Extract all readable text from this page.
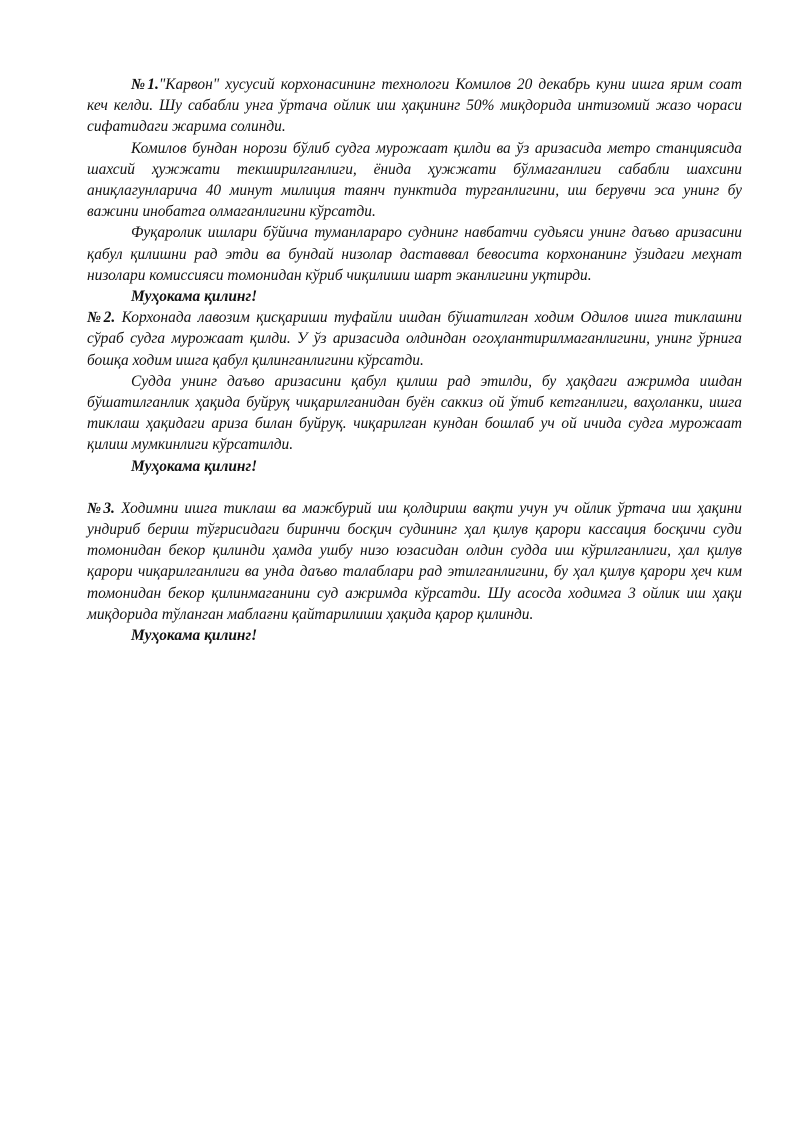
№1."Карвон" хусусий корхонасининг технологи Комилов 20 декабрь куни ишга ярим соат кеч келди. Шу сабабли унга ўртача ойлик иш ҳақининг 50% миқдорида интизомий жазо чораси сифатидаги жарима солинди.

Комилов бундан норози бўлиб судга мурожаат қилди ва ўз аризасида метро станциясида шахсий ҳужжати текширилганлиги, ёнида ҳужжати бўлмаганлиги сабабли шахсини аниқлагунларича 40 минут милиция таянч пунктида турганлигини, иш берувчи эса унинг бу важини инобатга олмаганлигини кўрсатди.

Фуқаролик ишлари бўйича туманлараро суднинг навбатчи судьяси унинг даъво аризасини қабул қилишни рад этди ва бундай низолар даставвал бевосита корхонанинг ўзидаги меҳнат низолари комиссияси томонидан кўриб чиқилиши шарт эканлигини уқтирди.

Муҳокама қилинг!

№2. Корхонада лавозим қисқариши туфайли ишдан бўшатилган ходим Одилов ишга тиклашни сўраб судга мурожаат қилди. У ўз аризасида олдиндан огоҳлантирилмаганлигини, унинг ўрнига бошқа ходим ишга қабул қилинганлигини кўрсатди.

Судда унинг даъво аризасини қабул қилиш рад этилди, бу ҳақдаги ажримда ишдан бўшатилганлик ҳақида буйруқ чиқарилганидан буён саккиз ой ўтиб кетганлиги, ваҳоланки, ишга тиклаш ҳақидаги ариза билан буйруқ. чиқарилган кундан бошлаб уч ой ичида судга мурожаат қилиш мумкинлиги кўрсатилди.

Муҳокама қилинг!

№3. Ходимни ишга тиклаш ва мажбурий иш қолдириш вақти учун уч ойлик ўртача иш ҳақини ундириб бериш тўғрисидаги биринчи босқич судининг ҳал қилув қарори кассация босқичи суди томонидан бекор қилинди ҳамда ушбу низо юзасидан олдин судда иш кўрилганлиги, ҳал қилув қарори чиқарилганлиги ва унда даъво талаблари рад этилганлигини, бу ҳал қилув қарори ҳеч ким томонидан бекор қилинмаганини суд ажримда кўрсатди. Шу асосда ходимга 3 ойлик иш ҳақи миқдорида тўланган маблағни қайтарилиши ҳақида қарор қилинди.

Муҳокама қилинг!
